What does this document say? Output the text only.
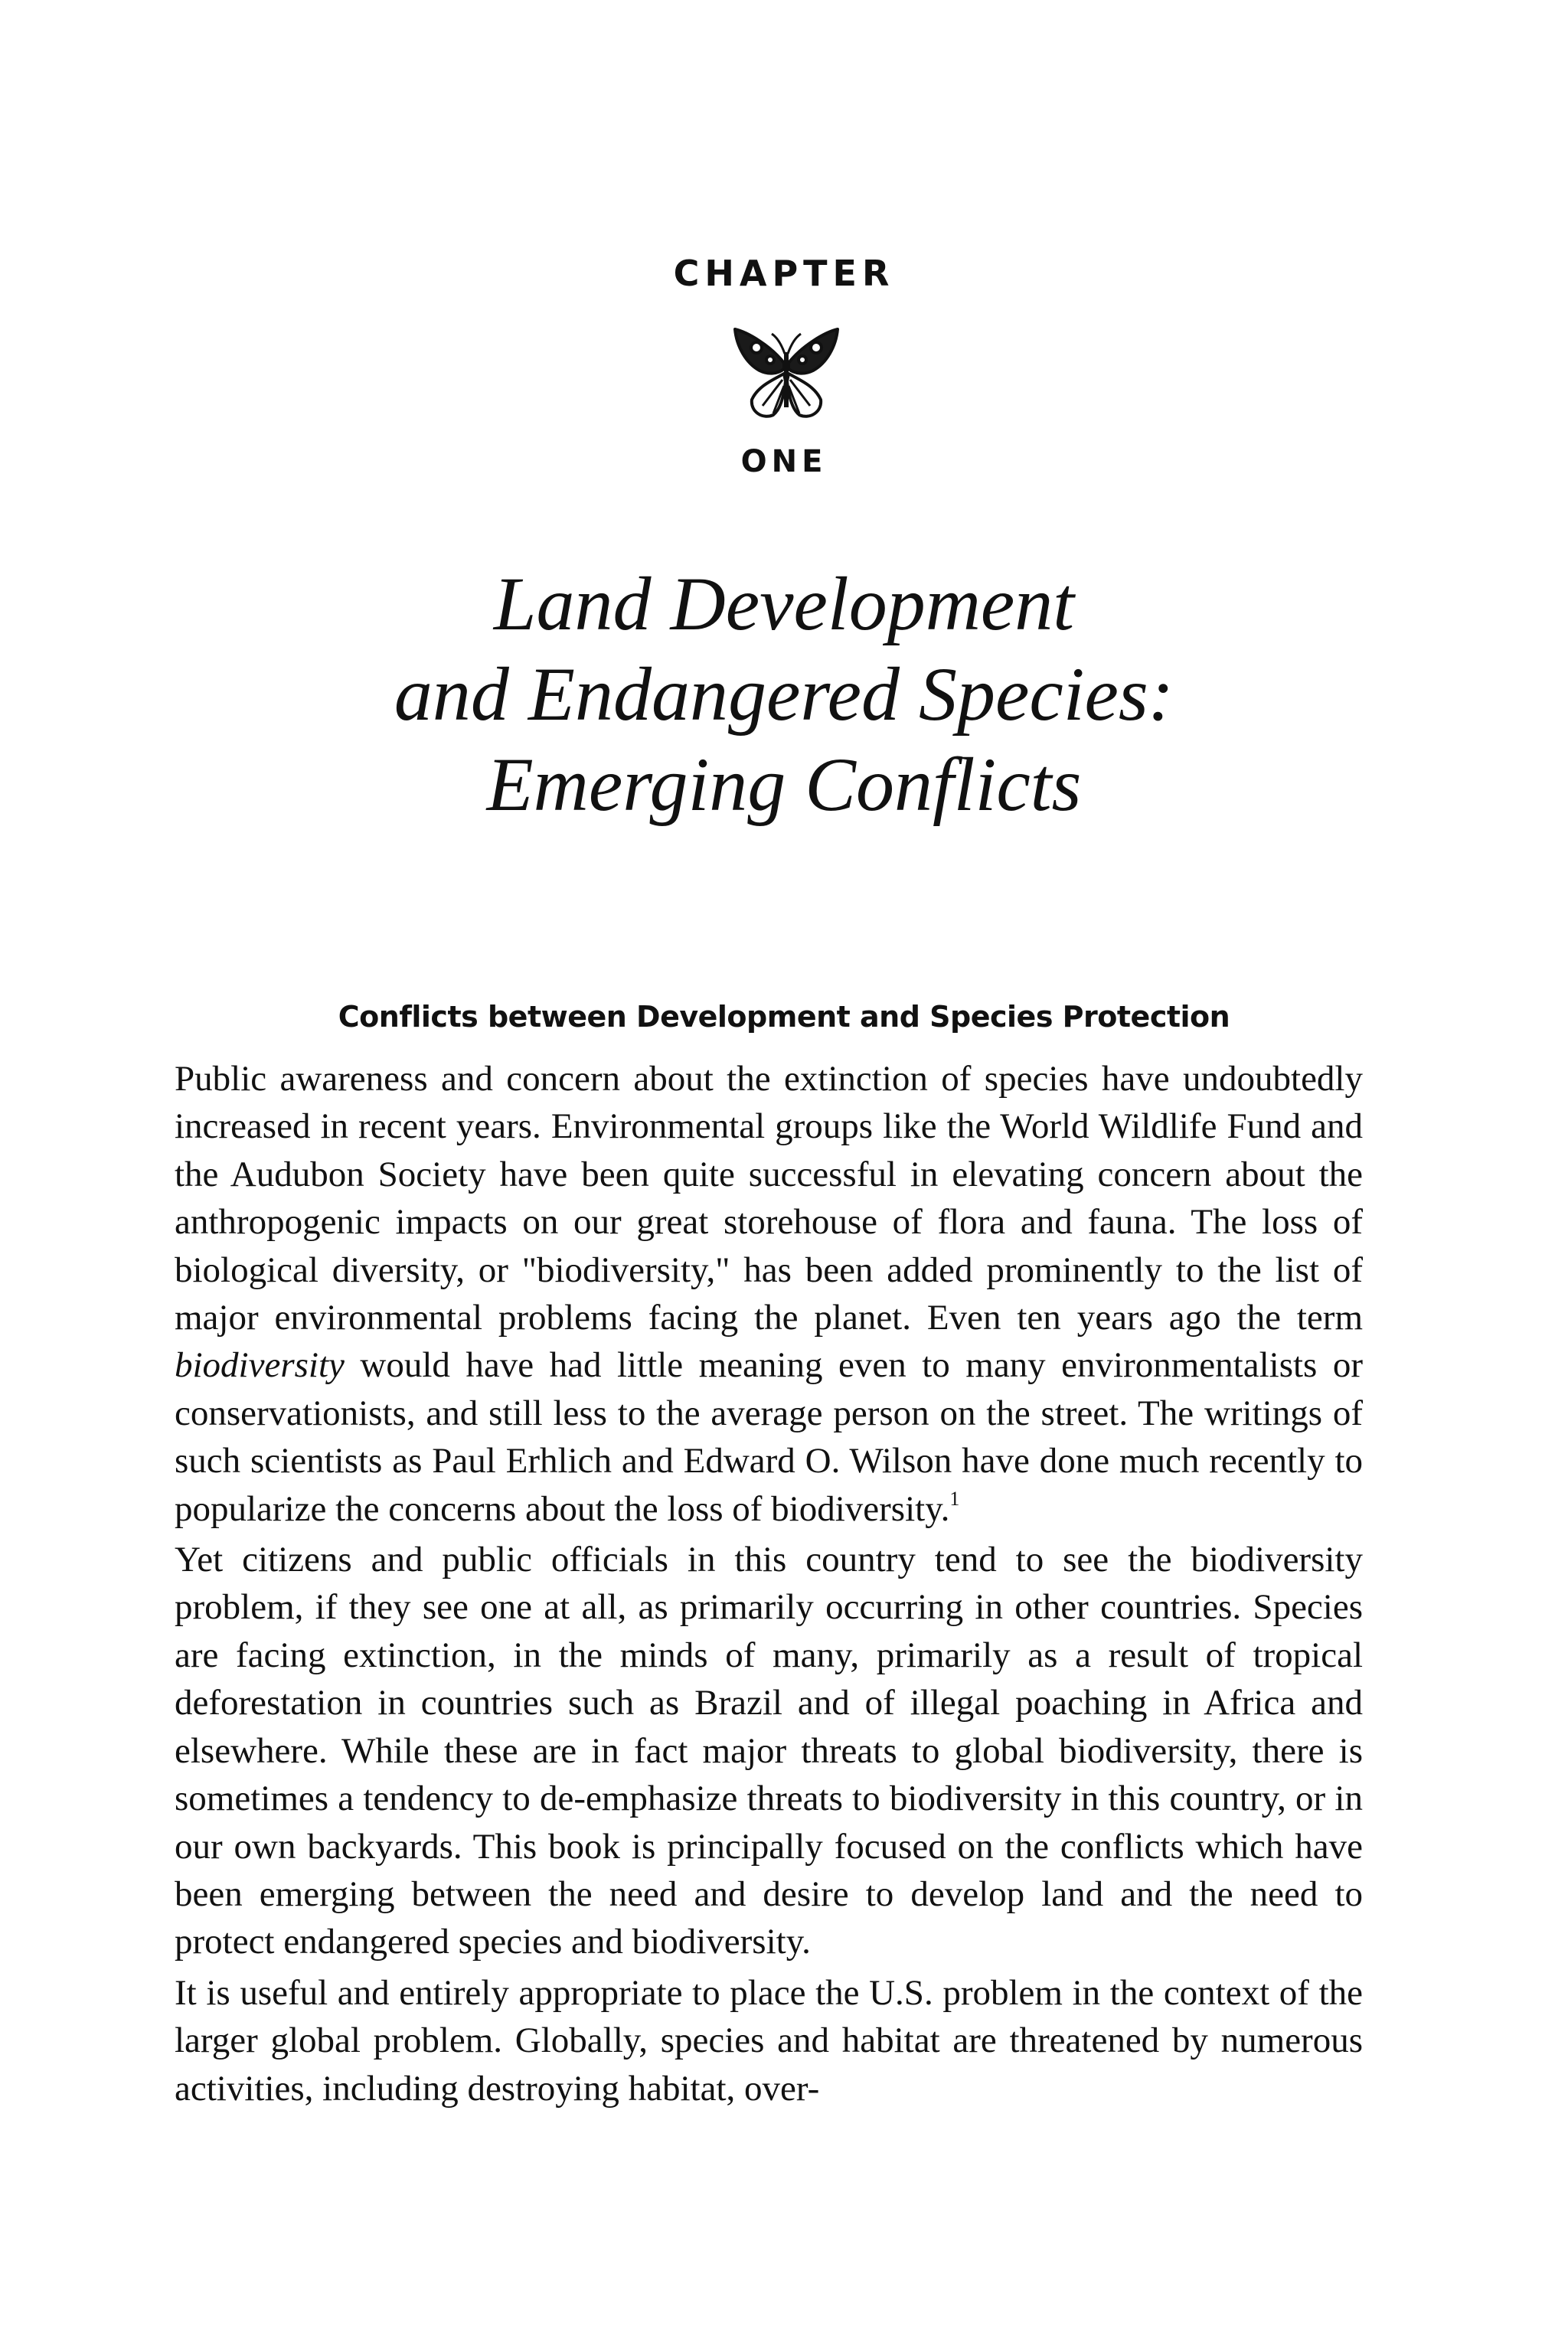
CHAPTER
ONE
Land Development
and Endangered Species:
Emerging Conflicts
Conflicts between Development and Species Protection

Public awareness and concern about the extinction of species have undoubtedly increased in recent years. Environmental groups like the World Wildlife Fund and the Audubon Society have been quite successful in elevating concern about the anthropogenic impacts on our great storehouse of flora and fauna. The loss of biological diversity, or "biodiversity," has been added prominently to the list of major environmental problems facing the planet. Even ten years ago the term biodiversity would have had little meaning even to many environmentalists or conservationists, and still less to the average person on the street. The writings of such scientists as Paul Erhlich and Edward O. Wilson have done much recently to popularize the concerns about the loss of biodiversity.$^1$

Yet citizens and public officials in this country tend to see the biodiversity problem, if they see one at all, as primarily occurring in other countries. Species are facing extinction, in the minds of many, primarily as a result of tropical deforestation in countries such as Brazil and of illegal poaching in Africa and elsewhere. While these are in fact major threats to global biodiversity, there is sometimes a tendency to de-emphasize threats to biodiversity in this country, or in our own backyards. This book is principally focused on the conflicts which have been emerging between the need and desire to develop land and the need to protect endangered species and biodiversity.

It is useful and entirely appropriate to place the U.S. problem in the context of the larger global problem. Globally, species and habitat are threatened by numerous activities, including destroying habitat, over-
